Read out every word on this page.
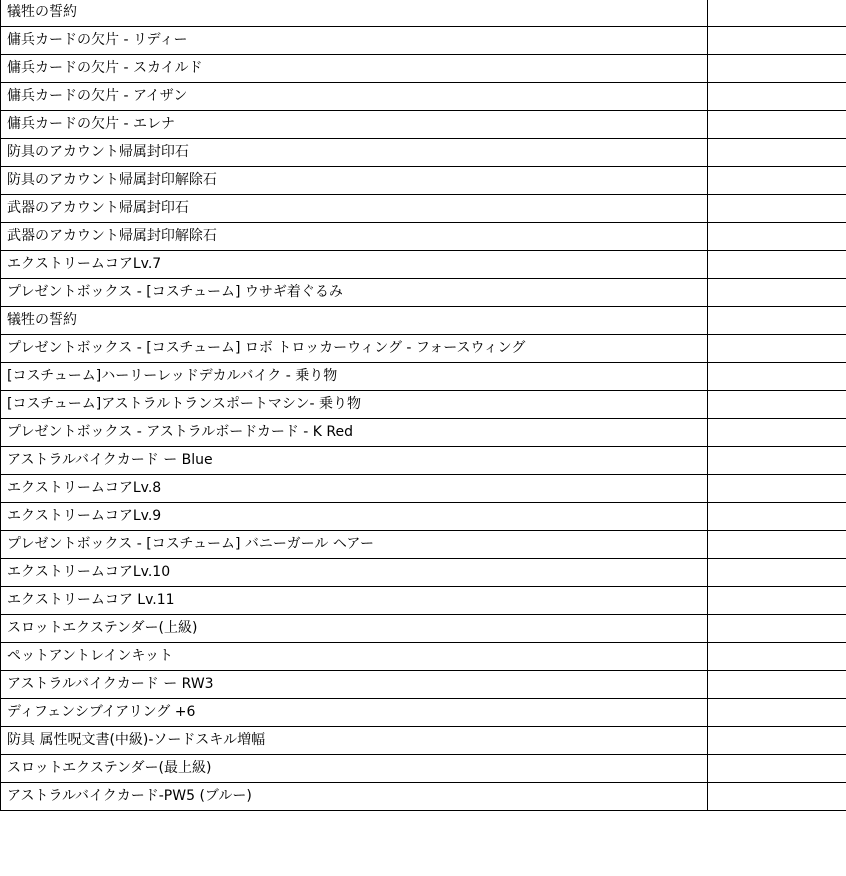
犠牲の誓約	
傭兵カードの欠片 - リディー	
傭兵カードの欠片 - スカイルド	
傭兵カードの欠片 - アイザン	
傭兵カードの欠片 - エレナ	
防具のアカウント帰属封印石	
防具のアカウント帰属封印解除石	
武器のアカウント帰属封印石	
武器のアカウント帰属封印解除石	
エクストリームコアLv.7	
プレゼントボックス - [コスチューム] ウサギ着ぐるみ	
犠牲の誓約	
プレゼントボックス - [コスチューム] ロボ トロッカーウィング - フォースウィング	
[コスチューム]ハーリーレッドデカルバイク - 乗り物	
[コスチューム]アストラルトランスポートマシン- 乗り物	
プレゼントボックス - アストラルボードカード - K Red	
アストラルバイクカード ー Blue	
エクストリームコアLv.8	
エクストリームコアLv.9	
プレゼントボックス - [コスチューム] バニーガール ヘアー	
エクストリームコアLv.10	
エクストリームコア Lv.11	
スロットエクステンダー(上級)	
ペットアントレインキット	
アストラルバイクカード ー RW3	
ディフェンシブイアリング +6	
防具 属性呪文書(中級)-ソードスキル増幅	
スロットエクステンダー(最上級)	
アストラルバイクカード-PW5 (ブルー)	
